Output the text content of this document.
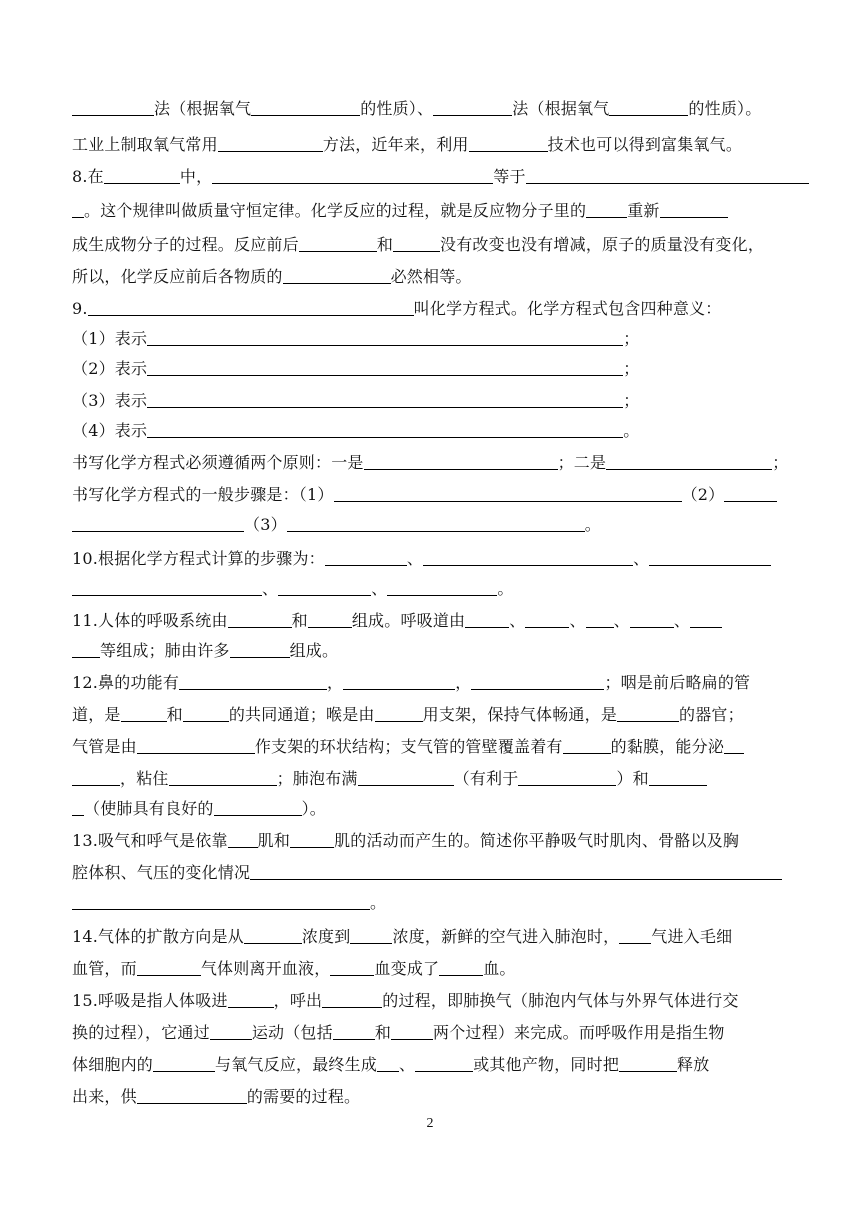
法（根据氧气	的性质）、	法（根据氧气	的性质）。
工业上制取氧气常用	方法，近年来，利用	技术也可以得到富集氧气。
8.在	中，	等于
。这个规律叫做质量守恒定律。化学反应的过程，就是反应物分子里的	重新
成生成物分子的过程。反应前后	和	没有改变也没有增减，原子的质量没有变化，
所以，化学反应前后各物质的	必然相等。
9.	叫化学方程式。化学方程式包含四种意义：
（1）表示	；
（2）表示	；
（3）表示	；
（4）表示	。
书写化学方程式必须遵循两个原则：一是	；二是	；
书写化学方程式的一般步骤是：（1）	（2）
（3）	。
10.根据化学方程式计算的步骤为：	、	、
、	、	。
11.人体的呼吸系统由	和	组成。呼吸道由	、	、 、	、
等组成；肺由许多	组成。
12.鼻的功能有	，	，	；咽是前后略扁的管
道，是	和	的共同通道；喉是由	用支架，保持气体畅通，是	的器官；
气管是由	作支架的环状结构；支气管的管壁覆盖着有	的黏膜，能分泌
，粘住	；肺泡布满	（有利于	）和
（使肺具有良好的	）。
13.吸气和呼气是依靠 肌和	肌的活动而产生的。简述你平静吸气时肌肉、骨骼以及胸
腔体积、气压的变化情况
。
14.气体的扩散方向是从	浓度到	浓度，新鲜的空气进入肺泡时， 气进入毛细
血管，而	气体则离开血液，	血变成了	血。
15.呼吸是指人体吸进	，呼出	的过程，即肺换气（肺泡内气体与外界气体进行交
换的过程），它通过	运动（包括	和	两个过程）来完成。而呼吸作用是指生物
体细胞内的	与氧气反应，最终生成 、	或其他产物，同时把	释放
出来，供	的需要的过程。
2
